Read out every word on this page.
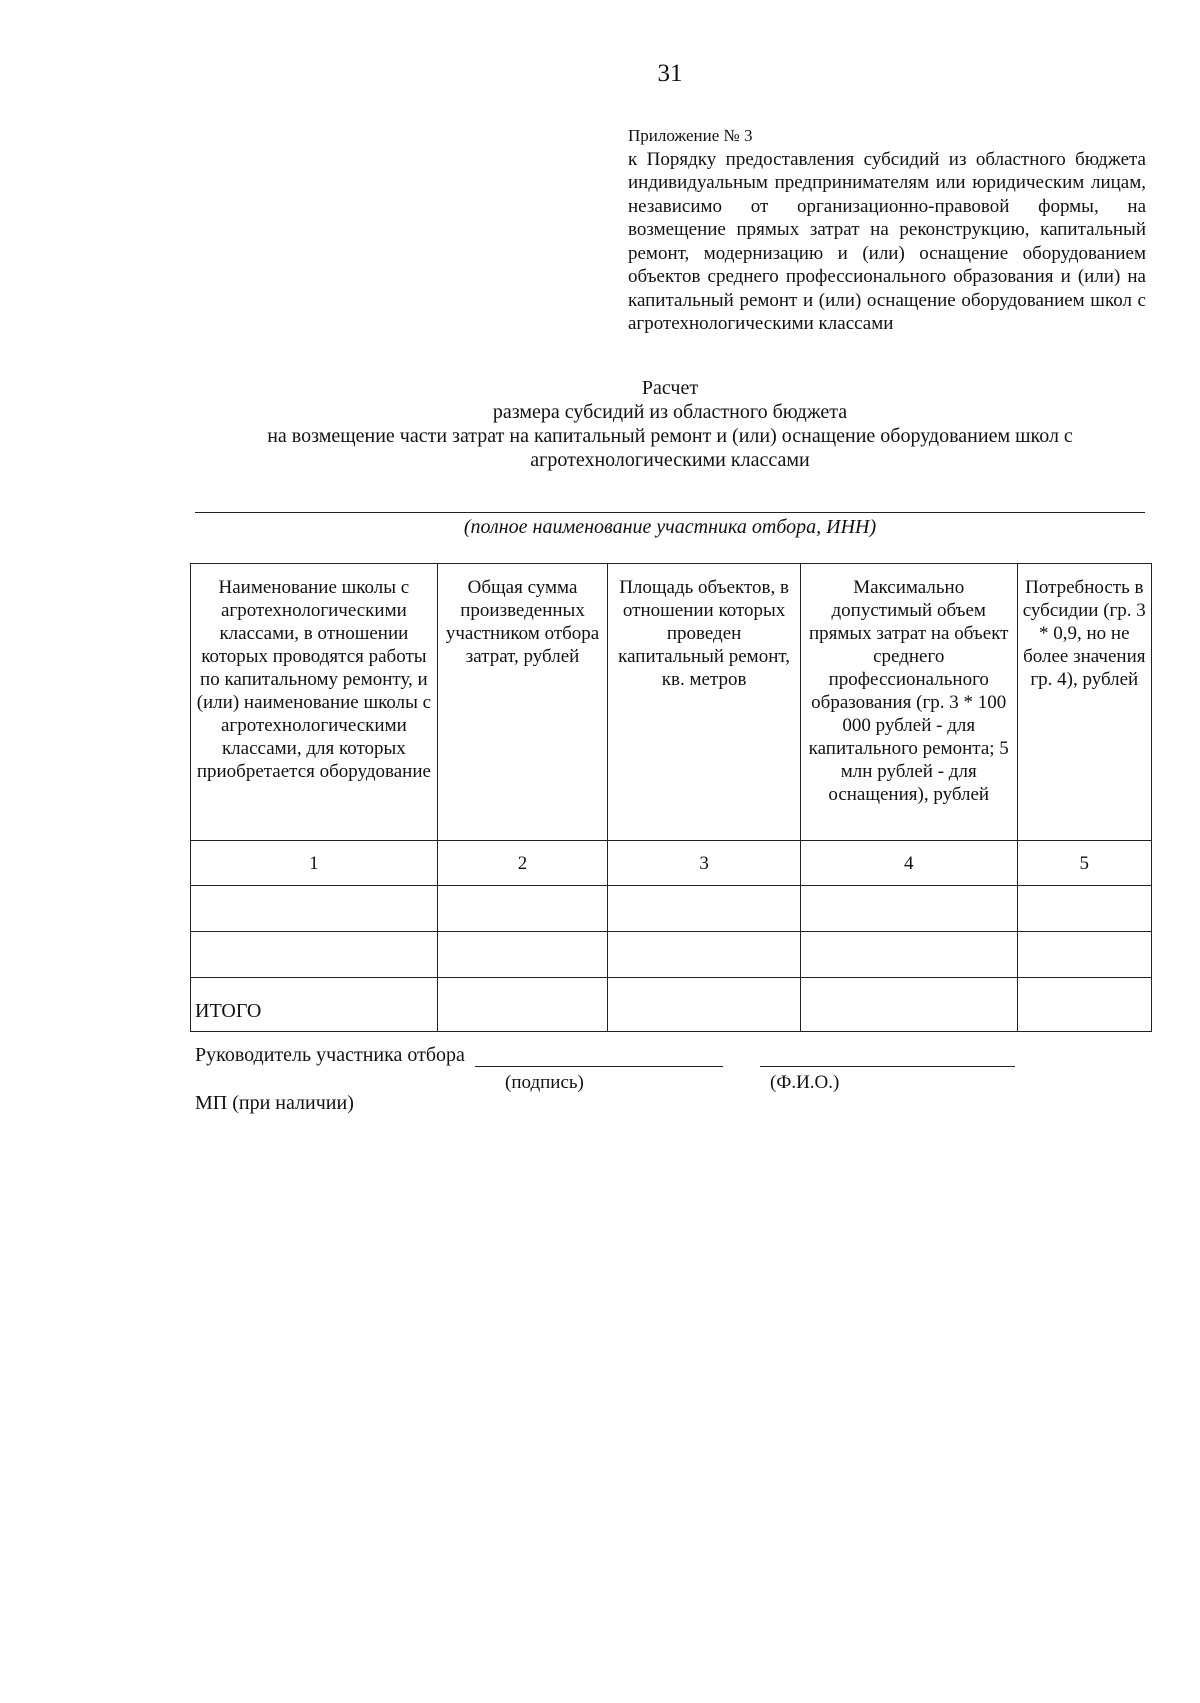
31
Приложение № 3
к Порядку предоставления субсидий из областного бюджета индивидуальным предпринимателям или юридическим лицам, независимо от организационно-правовой формы, на возмещение прямых затрат на реконструкцию, капитальный ремонт, модернизацию и (или) оснащение оборудованием объектов среднего профессионального образования и (или) на капитальный ремонт и (или) оснащение оборудованием школ с агротехнологическими классами
Расчет
размера субсидий из областного бюджета
на возмещение части затрат на капитальный ремонт и (или) оснащение оборудованием школ с агротехнологическими классами
(полное наименование участника отбора, ИНН)
Наименование школы с агротехнологическими классами, в отношении которых проводятся работы по капитальному ремонту, и (или) наименование школы с агротехнологическими классами, для которых приобретается оборудование	Общая сумма произведенных участником отбора затрат, рублей	Площадь объектов, в отношении которых проведен капитальный ремонт, кв. метров	Максимально допустимый объем прямых затрат на объект среднего профессионального образования (гр. 3 * 100 000 рублей - для капитального ремонта; 5 млн рублей - для оснащения), рублей	Потребность в субсидии (гр. 3 * 0,9, но не более значения гр. 4), рублей
1	2	3	4	5

ИТОГО				
Руководитель участника отбора
(подпись)	(Ф.И.О.)
МП (при наличии)
